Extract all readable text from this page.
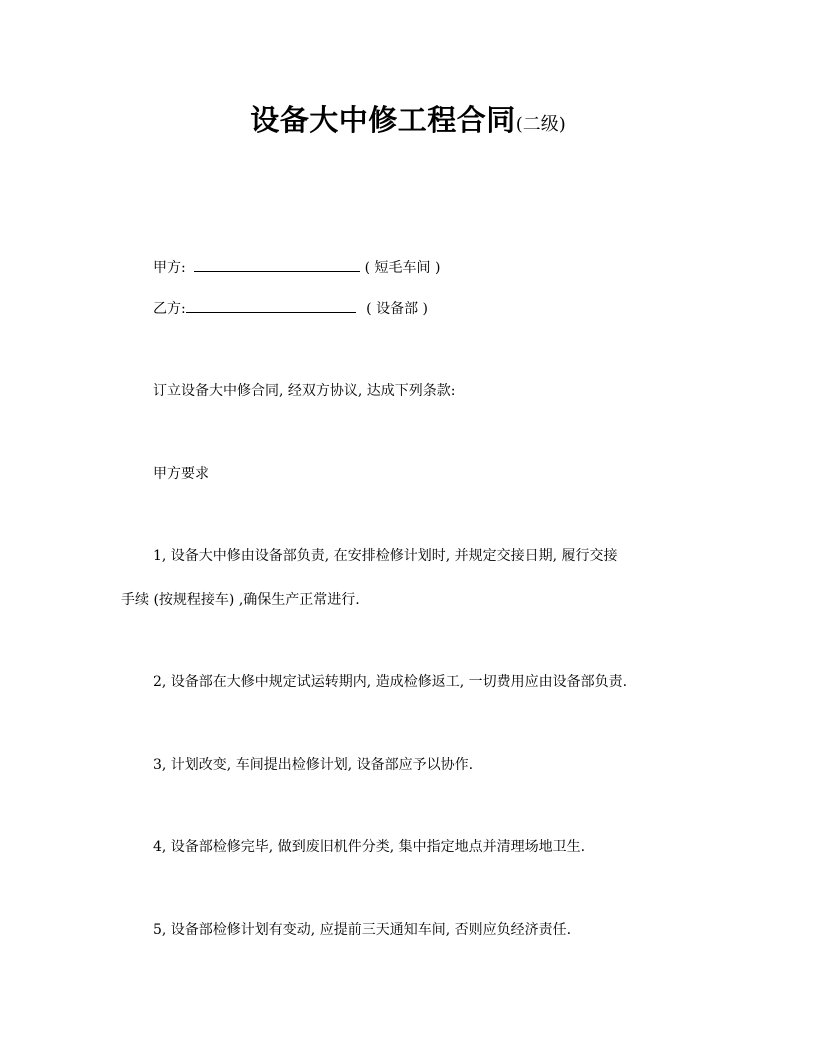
设备大中修工程合同(二级)
甲方:	( 短毛车间 )
乙方:	( 设备部 )
订立设备大中修合同, 经双方协议, 达成下列条款:
甲方要求
1, 设备大中修由设备部负责, 在安排检修计划时, 并规定交接日期, 履行交接
手续 (按规程接车) ,确保生产正常进行.
2, 设备部在大修中规定试运转期内, 造成检修返工, 一切费用应由设备部负责.
3, 计划改变, 车间提出检修计划, 设备部应予以协作.
4, 设备部检修完毕, 做到废旧机件分类, 集中指定地点并清理场地卫生.
5, 设备部检修计划有变动, 应提前三天通知车间, 否则应负经济责任.
